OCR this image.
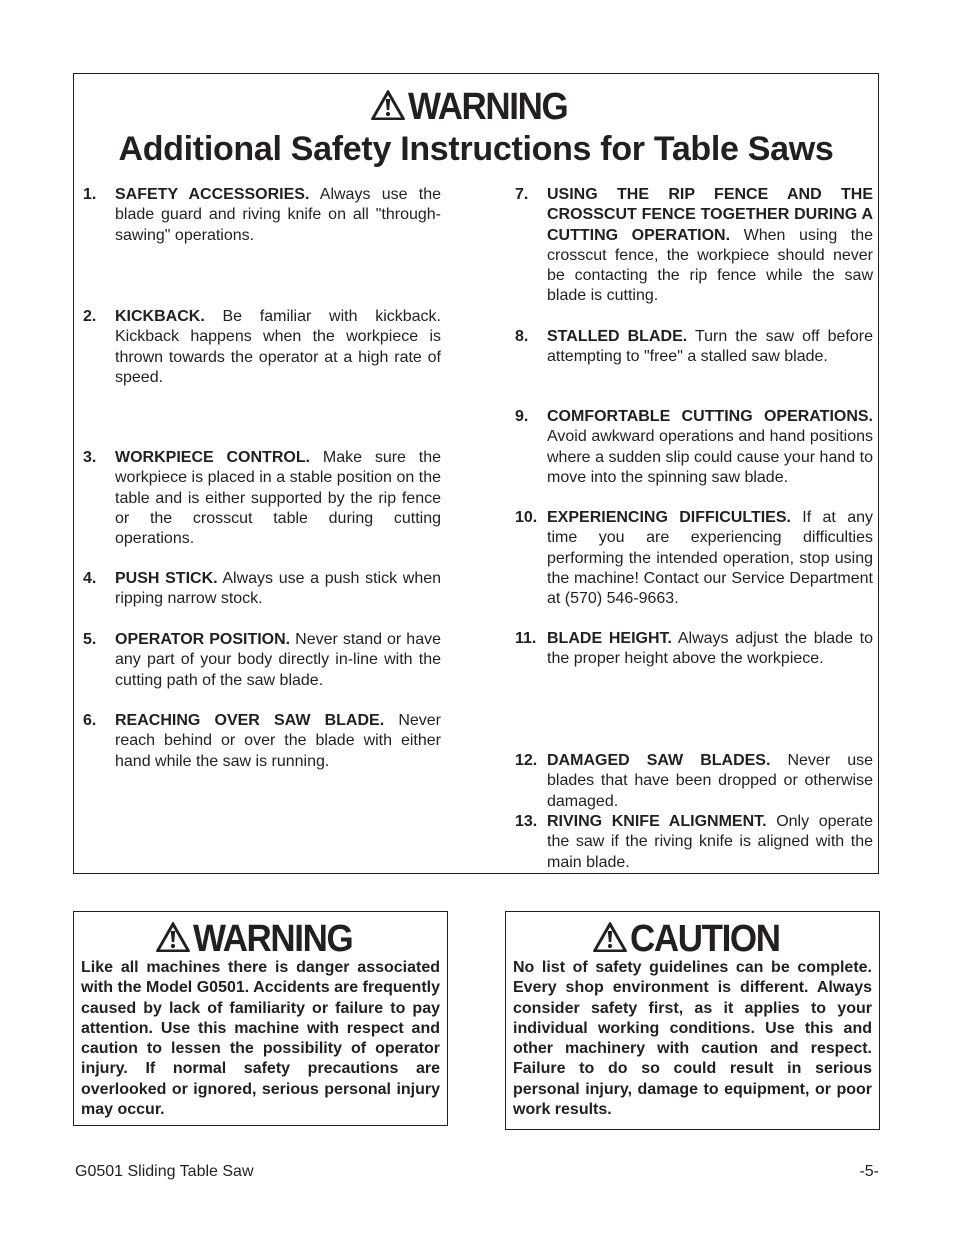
WARNING
Additional Safety Instructions for Table Saws
1. SAFETY ACCESSORIES. Always use the blade guard and riving knife on all "through-sawing" operations.
2. KICKBACK. Be familiar with kickback. Kickback happens when the workpiece is thrown towards the operator at a high rate of speed.
3. WORKPIECE CONTROL. Make sure the workpiece is placed in a stable position on the table and is either supported by the rip fence or the crosscut table during cutting operations.
4. PUSH STICK. Always use a push stick when ripping narrow stock.
5. OPERATOR POSITION. Never stand or have any part of your body directly in-line with the cutting path of the saw blade.
6. REACHING OVER SAW BLADE. Never reach behind or over the blade with either hand while the saw is running.
7. USING THE RIP FENCE AND THE CROSSCUT FENCE TOGETHER DURING A CUTTING OPERATION. When using the crosscut fence, the workpiece should never be contacting the rip fence while the saw blade is cutting.
8. STALLED BLADE. Turn the saw off before attempting to "free" a stalled saw blade.
9. COMFORTABLE CUTTING OPERATIONS. Avoid awkward operations and hand positions where a sudden slip could cause your hand to move into the spinning saw blade.
10. EXPERIENCING DIFFICULTIES. If at any time you are experiencing difficulties performing the intended operation, stop using the machine! Contact our Service Department at (570) 546-9663.
11. BLADE HEIGHT. Always adjust the blade to the proper height above the workpiece.
12. DAMAGED SAW BLADES. Never use blades that have been dropped or otherwise damaged.
13. RIVING KNIFE ALIGNMENT. Only operate the saw if the riving knife is aligned with the main blade.
WARNING
Like all machines there is danger associated with the Model G0501. Accidents are frequently caused by lack of familiarity or failure to pay attention. Use this machine with respect and caution to lessen the possibility of operator injury. If normal safety precautions are overlooked or ignored, serious personal injury may occur.
CAUTION
No list of safety guidelines can be complete. Every shop environment is different. Always consider safety first, as it applies to your individual working conditions. Use this and other machinery with caution and respect. Failure to do so could result in serious personal injury, damage to equipment, or poor work results.
G0501 Sliding Table Saw	-5-
